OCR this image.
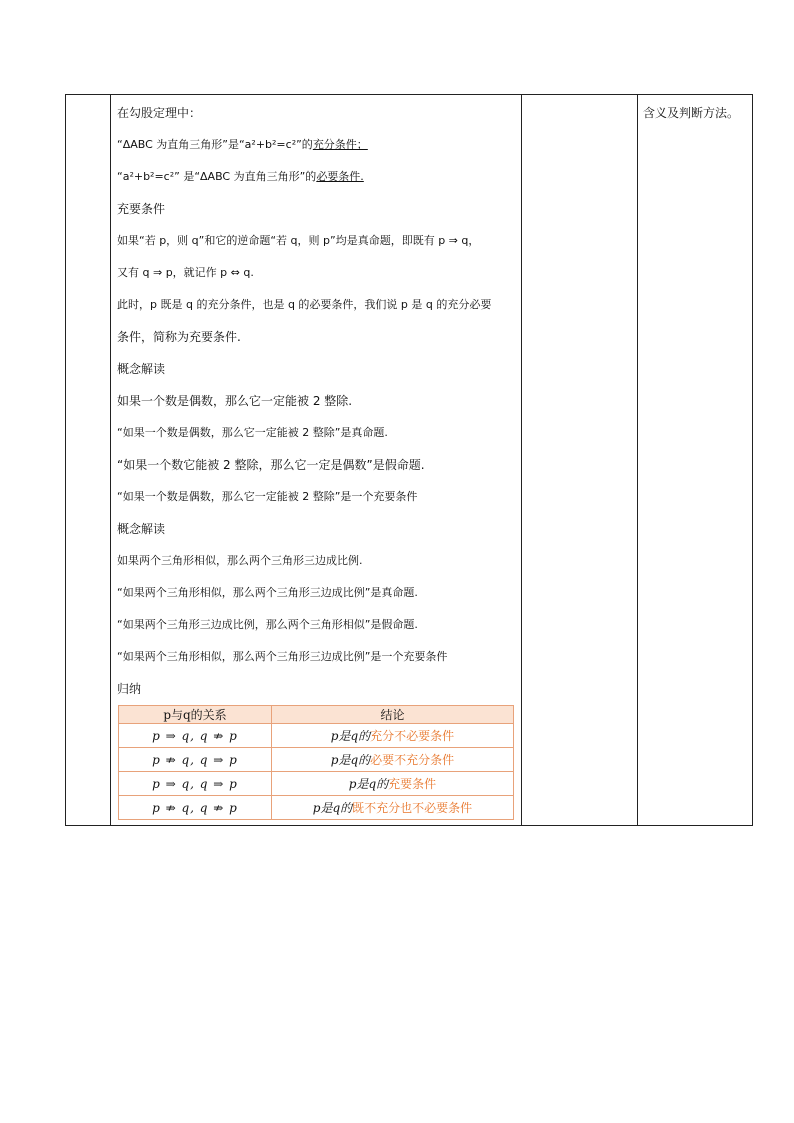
在勾股定理中：
“ΔABC 为直角三角形”是“a²+b²=c²”的充分条件；
“a²+b²=c²” 是“ΔABC 为直角三角形”的必要条件.
充要条件
如果“若 p，则 q”和它的逆命题“若 q，则 p”均是真命题，即既有 p ⇒ q，
又有 q ⇒ p，就记作 p ⇔ q.
此时，p 既是 q 的充分条件，也是 q 的必要条件，我们说 p 是 q 的充分必要
条件，简称为充要条件.
概念解读
如果一个数是偶数，那么它一定能被 2 整除.
“如果一个数是偶数，那么它一定能被 2 整除”是真命题.
“如果一个数它能被 2 整除，那么它一定是偶数”是假命题.
“如果一个数是偶数，那么它一定能被 2 整除”是一个充要条件
概念解读
如果两个三角形相似，那么两个三角形三边成比例.
“如果两个三角形相似，那么两个三角形三边成比例”是真命题.
“如果两个三角形三边成比例，那么两个三角形相似”是假命题.
“如果两个三角形相似，那么两个三角形三边成比例”是一个充要条件
归纳
p与q的关系	结论
p ⇒ q, q ⇏ p	p是q的充分不必要条件
p ⇏ q, q ⇒ p	p是q的必要不充分条件
p ⇒ q, q ⇒ p	p是q的充要条件
p ⇏ q, q ⇏ p	p是q的既不充分也不必要条件
含义及判断方法。
